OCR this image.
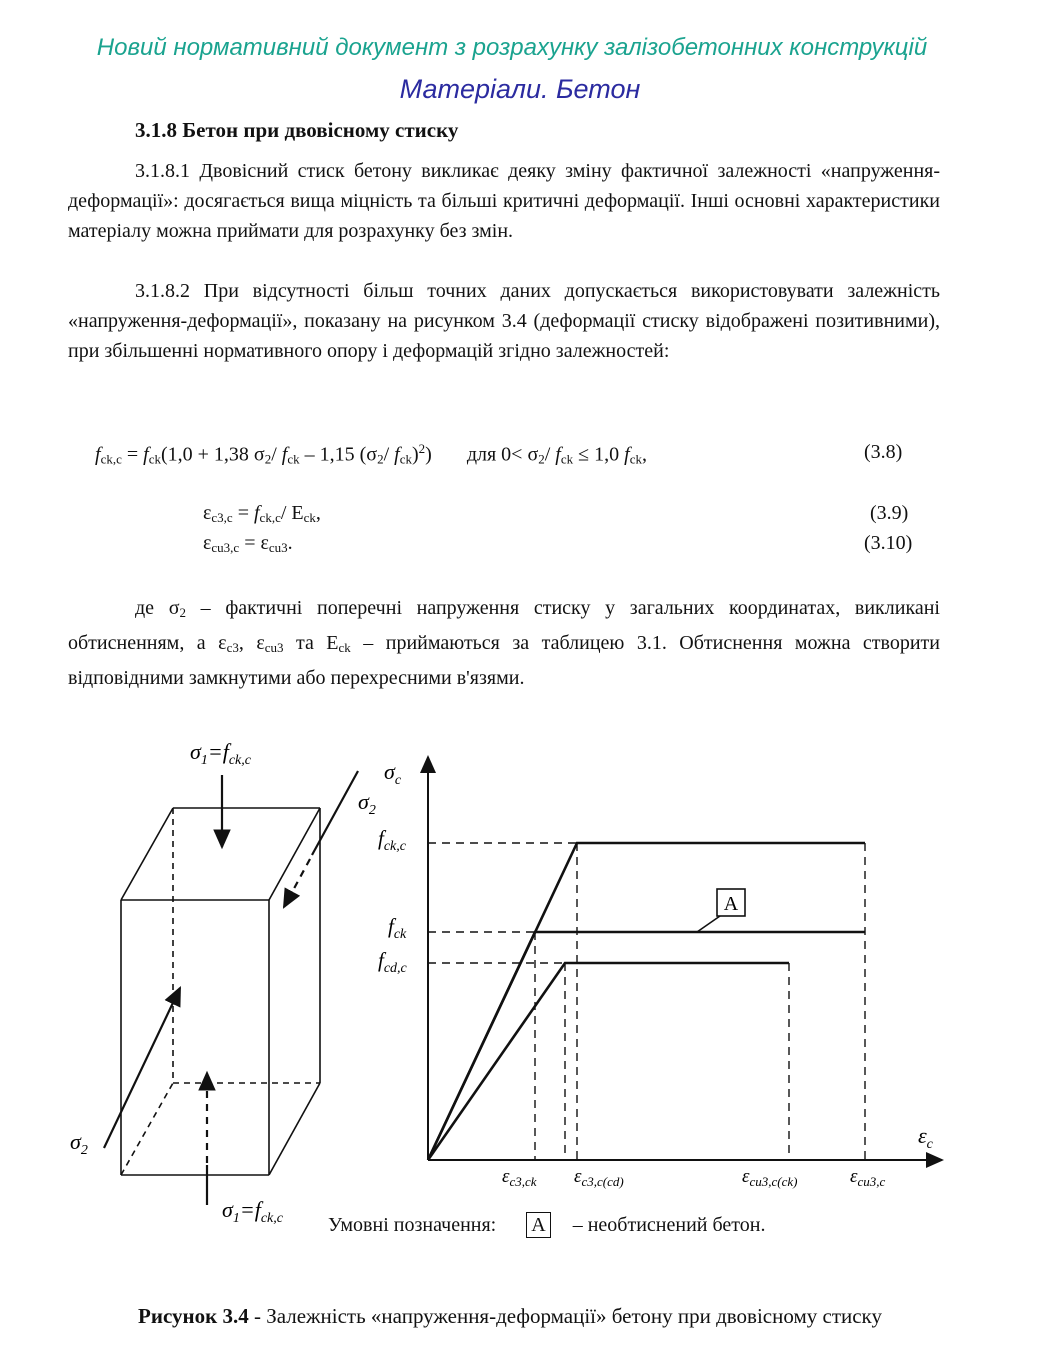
Новий нормативний документ з розрахунку залізобетонних конструкцій
Матеріали. Бетон
3.1.8 Бетон при двовісному стиску

3.1.8.1 Двовісний стиск бетону викликає деяку зміну фактичної залежності «напруження-деформації»: досягається вища міцність та більші критичні деформації. Інші основні характеристики матеріалу можна приймати для розрахунку без змін.

3.1.8.2 При відсутності більш точних даних допускається використовувати залежність «напруження-деформації», показану на рисунком 3.4 (деформації стиску відображені позитивними), при збільшенні нормативного опору і деформацій згідно залежностей:

$f_{ck,c} = f_{ck}(1,0 + 1,38$ $\sigma_2/$ $f_{ck} - 1,15$ ($\sigma_2/$ $f_{ck})^2$)       для $0< \sigma_2/$ $f_{ck} \le 1,0$ $f_{ck}$,	(3.8)
$\varepsilon_{c3,c} = f_{ck,c}/$ $E_{ck}$,	(3.9)
$\varepsilon_{cu3,c} = \varepsilon_{cu3}$.	(3.10)

де $\sigma_2$ – фактичні поперечні напруження стиску у загальних координатах, викликані обтисненням, а $\varepsilon_{c3}$, $\varepsilon_{cu3}$ та $E_{ck}$ – приймаються за таблицею 3.1. Обтиснення можна створити відповідними замкнутими або перехресними в'язями.

$\sigma_1=f_{ck,c}$
$\sigma_1=f_{ck,c}$
$\sigma_2$
$\sigma_2$
$\sigma_c$
$\varepsilon_c$
A
$f_{ck,c}$
$f_{ck}$
$f_{cd,c}$
$\varepsilon_{c3,ck}$ $\varepsilon_{c3,c(cd)}$	$\varepsilon_{cu3,c(ck)}$	$\varepsilon_{cu3,c}$
Умовні позначення: A – необтиснений бетон.
Рисунок 3.4 - Залежність «напруження-деформації» бетону при двовісному стиску
